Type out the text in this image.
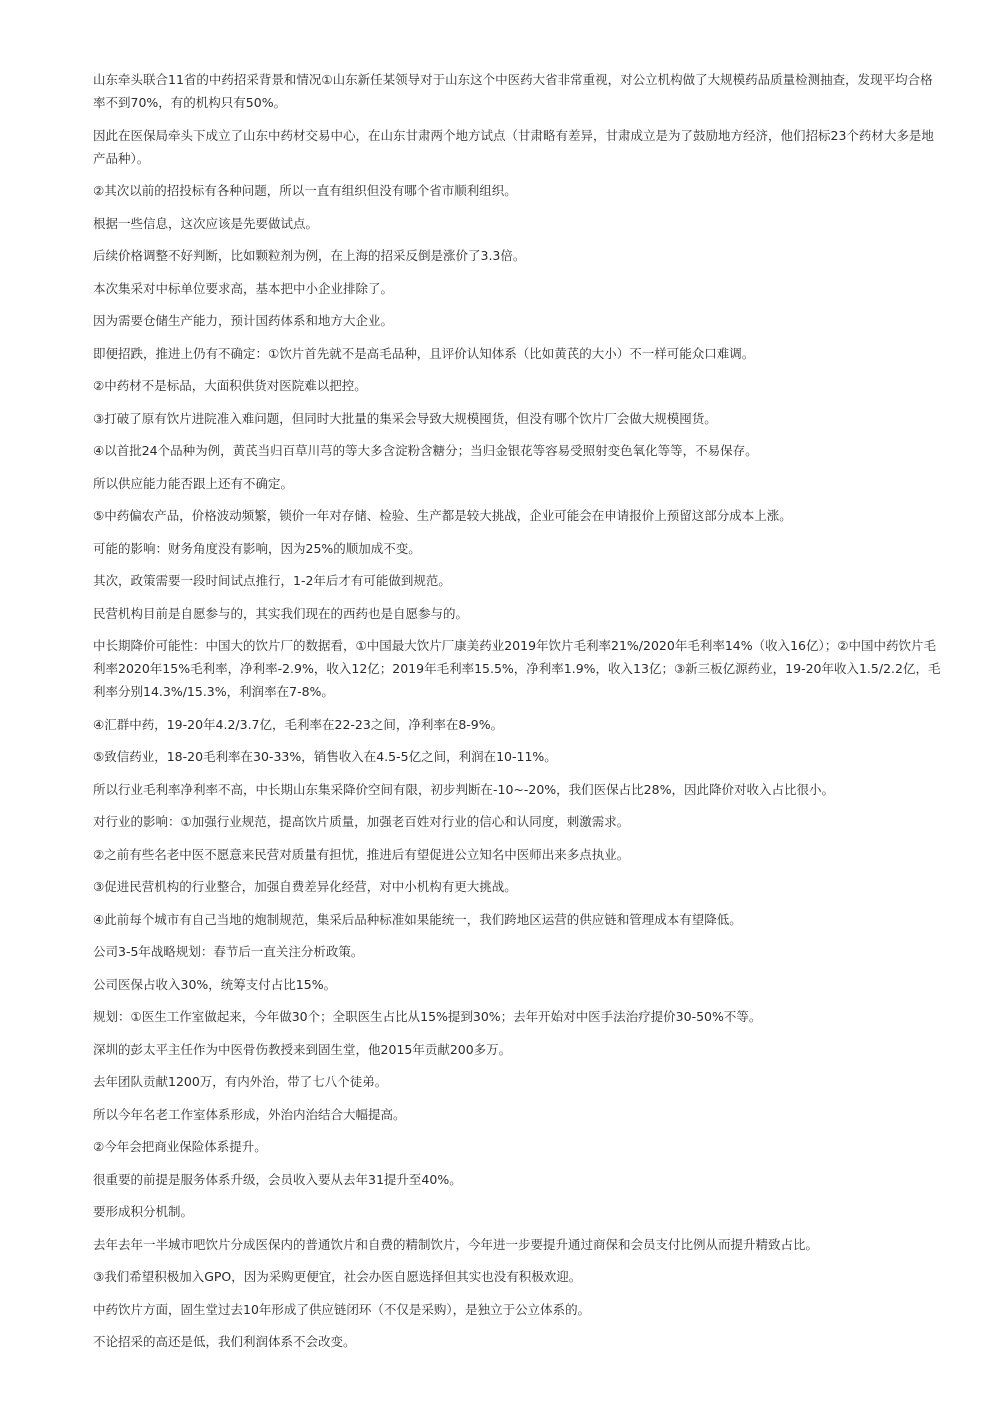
山东牵头联合11省的中药招采背景和情况①山东新任某领导对于山东这个中医药大省非常重视，对公立机构做了大规模药品质量检测抽查，发现平均合格率不到70%，有的机构只有50%。

因此在医保局牵头下成立了山东中药材交易中心，在山东甘肃两个地方试点（甘肃略有差异，甘肃成立是为了鼓励地方经济，他们招标23个药材大多是地产品种）。

②其次以前的招投标有各种问题，所以一直有组织但没有哪个省市顺利组织。

根据一些信息，这次应该是先要做试点。

后续价格调整不好判断，比如颗粒剂为例，在上海的招采反倒是涨价了3.3倍。

本次集采对中标单位要求高，基本把中小企业排除了。

因为需要仓储生产能力，预计国药体系和地方大企业。

即便招跌，推进上仍有不确定：①饮片首先就不是高毛品种，且评价认知体系（比如黄芪的大小）不一样可能众口难调。

②中药材不是标品，大面积供货对医院难以把控。

③打破了原有饮片进院准入难问题，但同时大批量的集采会导致大规模囤货，但没有哪个饮片厂会做大规模囤货。

④以首批24个品种为例，黄芪当归百草川芎的等大多含淀粉含糖分；当归金银花等容易受照射变色氧化等等，不易保存。

所以供应能力能否跟上还有不确定。

⑤中药偏农产品，价格波动频繁，锁价一年对存储、检验、生产都是较大挑战，企业可能会在申请报价上预留这部分成本上涨。

可能的影响：财务角度没有影响，因为25%的顺加成不变。

其次，政策需要一段时间试点推行，1-2年后才有可能做到规范。

民营机构目前是自愿参与的，其实我们现在的西药也是自愿参与的。

中长期降价可能性：中国大的饮片厂的数据看，①中国最大饮片厂康美药业2019年饮片毛利率21%/2020年毛利率14%（收入16亿）；②中国中药饮片毛利率2020年15%毛利率，净利率-2.9%，收入12亿；2019年毛利率15.5%，净利率1.9%，收入13亿；③新三板亿源药业，19-20年收入1.5/2.2亿，毛利率分别14.3%/15.3%，利润率在7-8%。

④汇群中药，19-20年4.2/3.7亿，毛利率在22-23之间，净利率在8-9%。

⑤致信药业，18-20毛利率在30-33%，销售收入在4.5-5亿之间，利润在10-11%。

所以行业毛利率净利率不高，中长期山东集采降价空间有限，初步判断在-10~-20%，我们医保占比28%，因此降价对收入占比很小。

对行业的影响：①加强行业规范，提高饮片质量，加强老百姓对行业的信心和认同度，刺激需求。

②之前有些名老中医不愿意来民营对质量有担忧，推进后有望促进公立知名中医师出来多点执业。

③促进民营机构的行业整合，加强自费差异化经营，对中小机构有更大挑战。

④此前每个城市有自己当地的炮制规范，集采后品种标准如果能统一，我们跨地区运营的供应链和管理成本有望降低。

公司3-5年战略规划：春节后一直关注分析政策。

公司医保占收入30%，统筹支付占比15%。

规划：①医生工作室做起来，今年做30个；全职医生占比从15%提到30%；去年开始对中医手法治疗提价30-50%不等。

深圳的彭太平主任作为中医骨伤教授来到固生堂，他2015年贡献200多万。

去年团队贡献1200万，有内外治，带了七八个徒弟。

所以今年名老工作室体系形成，外治内治结合大幅提高。

②今年会把商业保险体系提升。

很重要的前提是服务体系升级，会员收入要从去年31提升至40%。

要形成积分机制。

去年去年一半城市吧饮片分成医保内的普通饮片和自费的精制饮片，今年进一步要提升通过商保和会员支付比例从而提升精致占比。

③我们希望积极加入GPO，因为采购更便宜，社会办医自愿选择但其实也没有积极欢迎。

中药饮片方面，固生堂过去10年形成了供应链闭环（不仅是采购），是独立于公立体系的。

不论招采的高还是低，我们利润体系不会改变。
